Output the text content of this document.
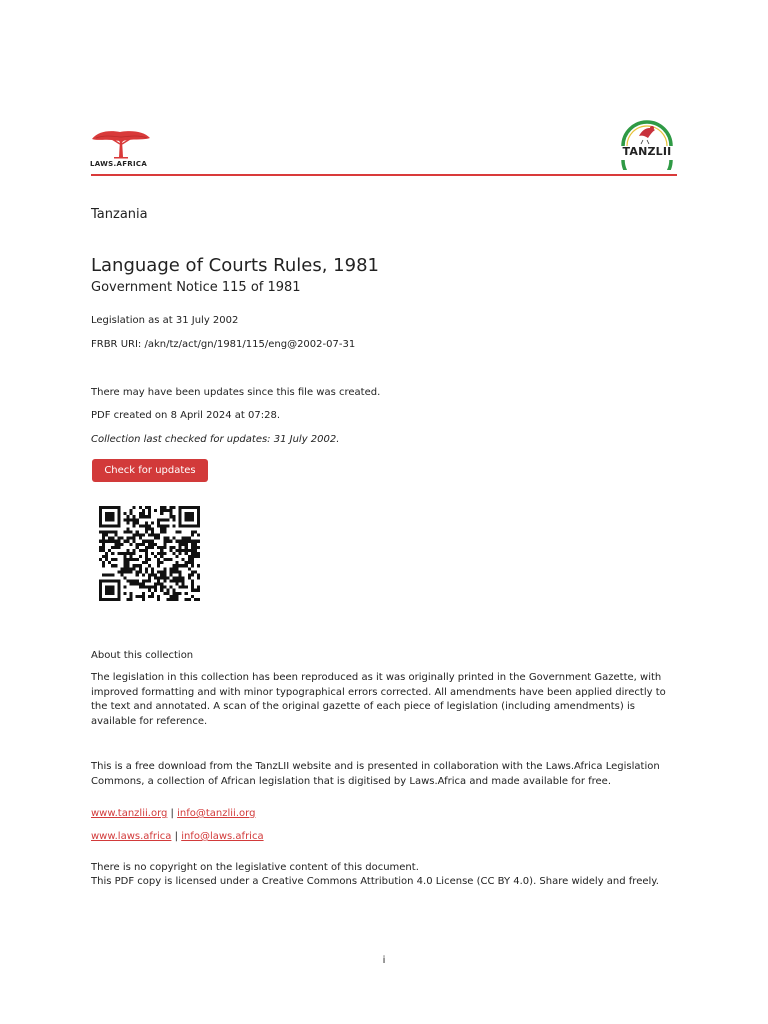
LAWS.AFRICA
TANZLII
Tanzania
Language of Courts Rules, 1981
Government Notice 115 of 1981
Legislation as at 31 July 2002
FRBR URI: /akn/tz/act/gn/1981/115/eng@2002-07-31
There may have been updates since this file was created.
PDF created on 8 April 2024 at 07:28.
Collection last checked for updates: 31 July 2002.
Check for updates
About this collection
The legislation in this collection has been reproduced as it was originally printed in the Government Gazette, with improved formatting and with minor typographical errors corrected. All amendments have been applied directly to the text and annotated. A scan of the original gazette of each piece of legislation (including amendments) is available for reference.
This is a free download from the TanzLII website and is presented in collaboration with the Laws.Africa Legislation Commons, a collection of African legislation that is digitised by Laws.Africa and made available for free.
www.tanzlii.org | info@tanzlii.org
www.laws.africa | info@laws.africa
There is no copyright on the legislative content of this document.
This PDF copy is licensed under a Creative Commons Attribution 4.0 License (CC BY 4.0). Share widely and freely.
i
